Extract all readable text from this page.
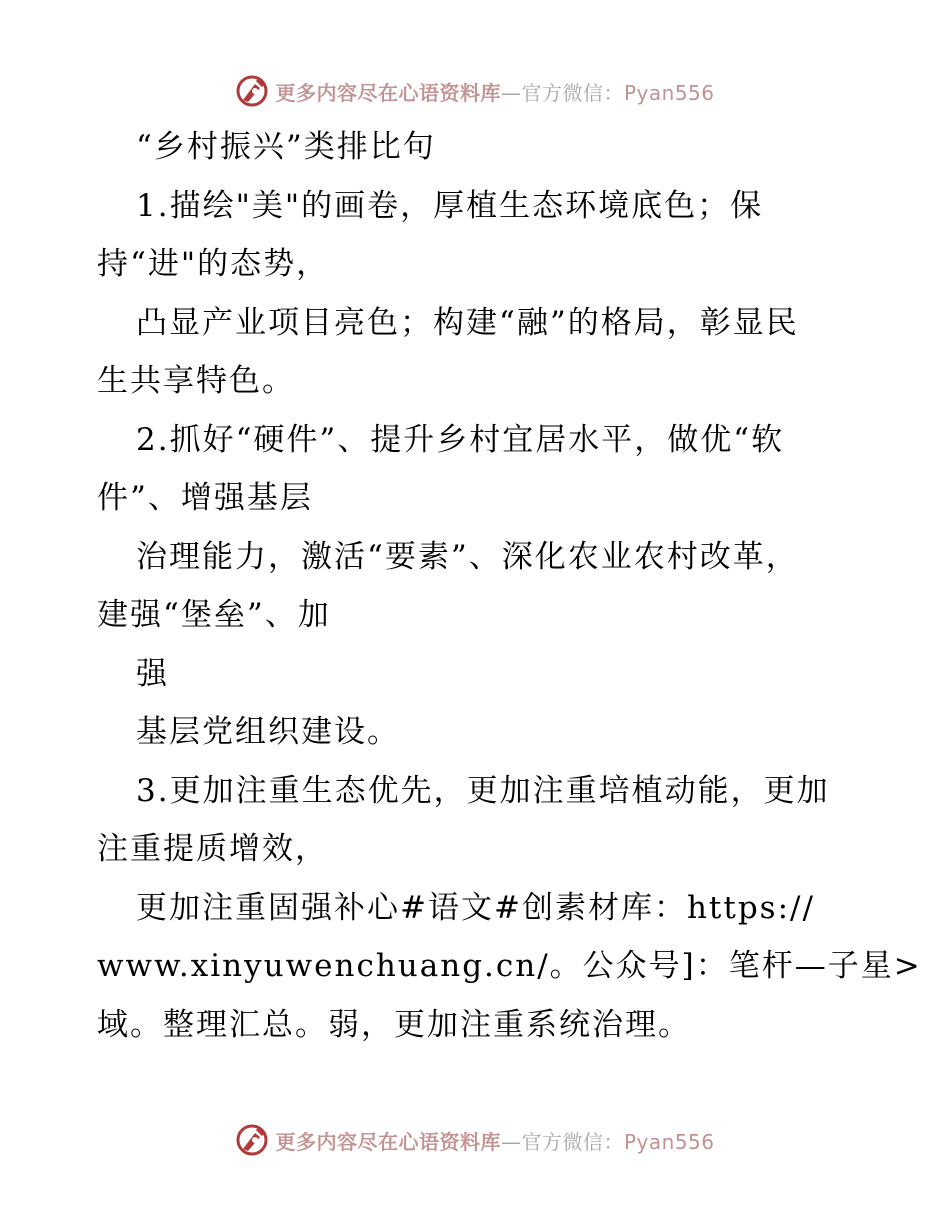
更多内容尽在心语资料库—官方微信：Pyan556
“乡村振兴”类排比句
1.描绘"美"的画卷，厚植生态环境底色；保
持“进"的态势，
凸显产业项目亮色；构建“融”的格局，彰显民
生共享特色。
2.抓好“硬件”、提升乡村宜居水平，做优“软
件”、增强基层
治理能力，激活“要素”、深化农业农村改革，
建强“堡垒”、加
强
基层党组织建设。
3.更加注重生态优先，更加注重培植动能，更加
注重提质增效，
更加注重固强补心#语文#创素材库：https://
www.xinyuwenchuang.cn/。公众号]：笔杆—子星>
域。整理汇总。弱，更加注重系统治理。
更多内容尽在心语资料库—官方微信：Pyan556
